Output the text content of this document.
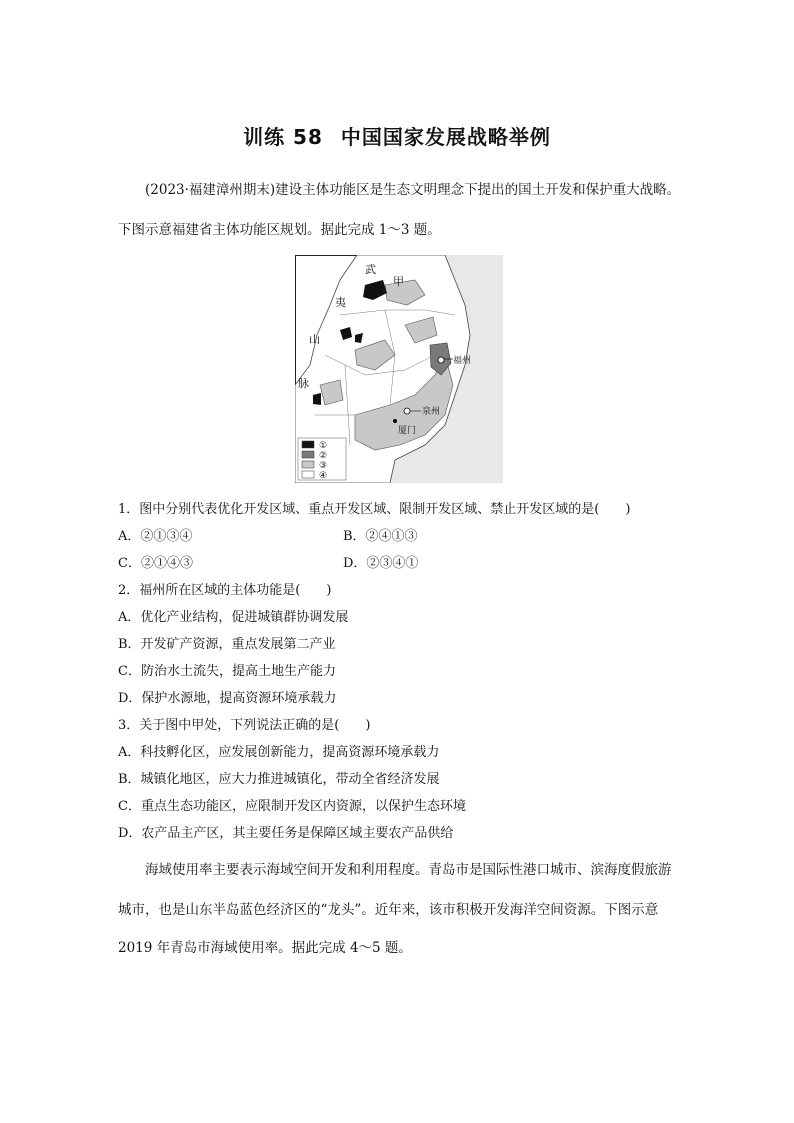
训练 58 中国国家发展战略举例
(2023·福建漳州期末)建设主体功能区是生态文明理念下提出的国土开发和保护重大战略。
下图示意福建省主体功能区规划。据此完成 1～3 题。
武
甲
夷
山
脉
福州
泉州
厦门
①
②
③
④
1．图中分别代表优化开发区域、重点开发区域、限制开发区域、禁止开发区域的是(　　)
A．②①③④	B．②④①③
C．②①④③	D．②③④①
2．福州所在区域的主体功能是(　　)
A．优化产业结构，促进城镇群协调发展
B．开发矿产资源，重点发展第二产业
C．防治水土流失，提高土地生产能力
D．保护水源地，提高资源环境承载力
3．关于图中甲处，下列说法正确的是(　　)
A．科技孵化区，应发展创新能力，提高资源环境承载力
B．城镇化地区，应大力推进城镇化，带动全省经济发展
C．重点生态功能区，应限制开发区内资源，以保护生态环境
D．农产品主产区，其主要任务是保障区域主要农产品供给
海域使用率主要表示海域空间开发和利用程度。青岛市是国际性港口城市、滨海度假旅游
城市，也是山东半岛蓝色经济区的“龙头”。近年来，该市积极开发海洋空间资源。下图示意
2019 年青岛市海域使用率。据此完成 4～5 题。
